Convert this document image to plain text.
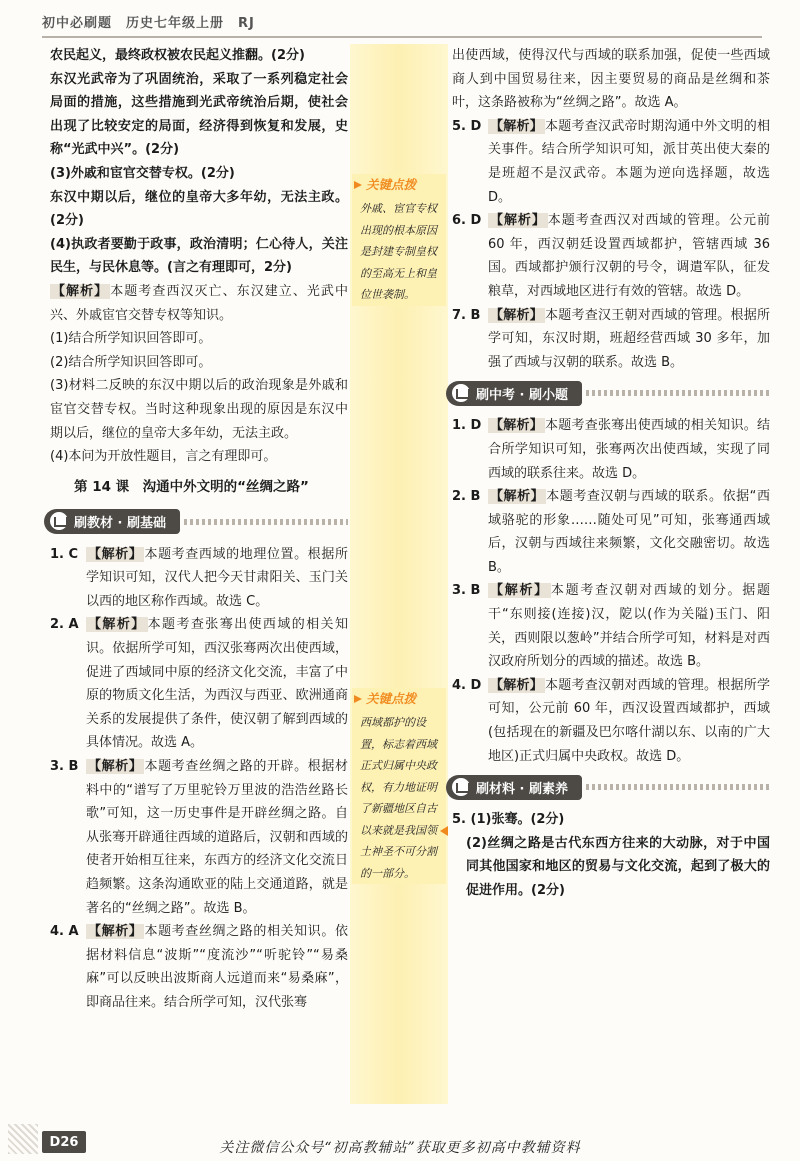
初中必刷题　历史七年级上册　RJ

农民起义，最终政权被农民起义推翻。(2分)

东汉光武帝为了巩固统治，采取了一系列稳定社会局面的措施，这些措施到光武帝统治后期，使社会出现了比较安定的局面，经济得到恢复和发展，史称“光武中兴”。(2分)

(3)外戚和宦官交替专权。(2分)

东汉中期以后，继位的皇帝大多年幼，无法主政。(2分)

(4)执政者要勤于政事，政治清明；仁心待人，关注民生，与民休息等。(言之有理即可，2分)

【解析】 本题考查西汉灭亡、东汉建立、光武中兴、外戚宦官交替专权等知识。

(1)结合所学知识回答即可。

(2)结合所学知识回答即可。

(3)材料二反映的东汉中期以后的政治现象是外戚和宦官交替专权。当时这种现象出现的原因是东汉中期以后，继位的皇帝大多年幼，无法主政。

(4)本问为开放性题目，言之有理即可。

第 14 课　沟通中外文明的“丝绸之路”
刷教材 · 刷基础
1. C 【解析】 本题考查西域的地理位置。根据所学知识可知，汉代人把今天甘肃阳关、玉门关以西的地区称作西域。故选 C。
2. A 【解析】 本题考查张骞出使西域的相关知识。依据所学可知，西汉张骞两次出使西域，促进了西域同中原的经济文化交流，丰富了中原的物质文化生活，为西汉与西亚、欧洲通商关系的发展提供了条件，使汉朝了解到西域的具体情况。故选 A。
3. B 【解析】 本题考查丝绸之路的开辟。根据材料中的“谱写了万里驼铃万里波的浩浩丝路长歌”可知，这一历史事件是开辟丝绸之路。自从张骞开辟通往西域的道路后，汉朝和西域的使者开始相互往来，东西方的经济文化交流日趋频繁。这条沟通欧亚的陆上交通道路，就是著名的“丝绸之路”。故选 B。
4. A 【解析】 本题考查丝绸之路的相关知识。依据材料信息“波斯”“度流沙”“听驼铃”“易桑麻”可以反映出波斯商人远道而来“易桑麻”，即商品往来。结合所学可知，汉代张骞
关键点拨
外戚、宦官专权出现的根本原因是封建专制皇权的至高无上和皇位世袭制。
关键点拨
西域都护的设置，标志着西域正式归属中央政权，有力地证明了新疆地区自古以来就是我国领土神圣不可分割的一部分。

出使西域，使得汉代与西域的联系加强，促使一些西域商人到中国贸易往来，因主要贸易的商品是丝绸和茶叶，这条路被称为“丝绸之路”。故选 A。

5. D 【解析】 本题考查汉武帝时期沟通中外文明的相关事件。结合所学知识可知，派甘英出使大秦的是班超不是汉武帝。本题为逆向选择题，故选 D。
6. D 【解析】 本题考查西汉对西域的管理。公元前 60 年，西汉朝廷设置西域都护，管辖西域 36 国。西域都护颁行汉朝的号令，调遣军队，征发粮草，对西域地区进行有效的管辖。故选 D。
7. B 【解析】 本题考查汉王朝对西域的管理。根据所学可知，东汉时期，班超经营西域 30 多年，加强了西域与汉朝的联系。故选 B。
刷中考 · 刷小题
1. D 【解析】 本题考查张骞出使西域的相关知识。结合所学知识可知，张骞两次出使西域，实现了同西域的联系往来。故选 D。
2. B 【解析】 本题考查汉朝与西域的联系。依据“西域骆驼的形象……随处可见”可知，张骞通西域后，汉朝与西域往来频繁，文化交融密切。故选 B。
3. B 【解析】 本题考查汉朝对西域的划分。据题干“东则接(连接)汉，阸以(作为关隘)玉门、阳关，西则限以葱岭”并结合所学可知，材料是对西汉政府所划分的西域的描述。故选 B。
4. D 【解析】 本题考查汉朝对西域的管理。根据所学可知，公元前 60 年，西汉设置西域都护，西域(包括现在的新疆及巴尔喀什湖以东、以南的广大地区)正式归属中央政权。故选 D。
刷材料 · 刷素养

5. (1)张骞。(2分)

(2)丝绸之路是古代东西方往来的大动脉，对于中国同其他国家和地区的贸易与文化交流，起到了极大的促进作用。(2分)

D26	关注微信公众号“初高教辅站”获取更多初高中教辅资料
